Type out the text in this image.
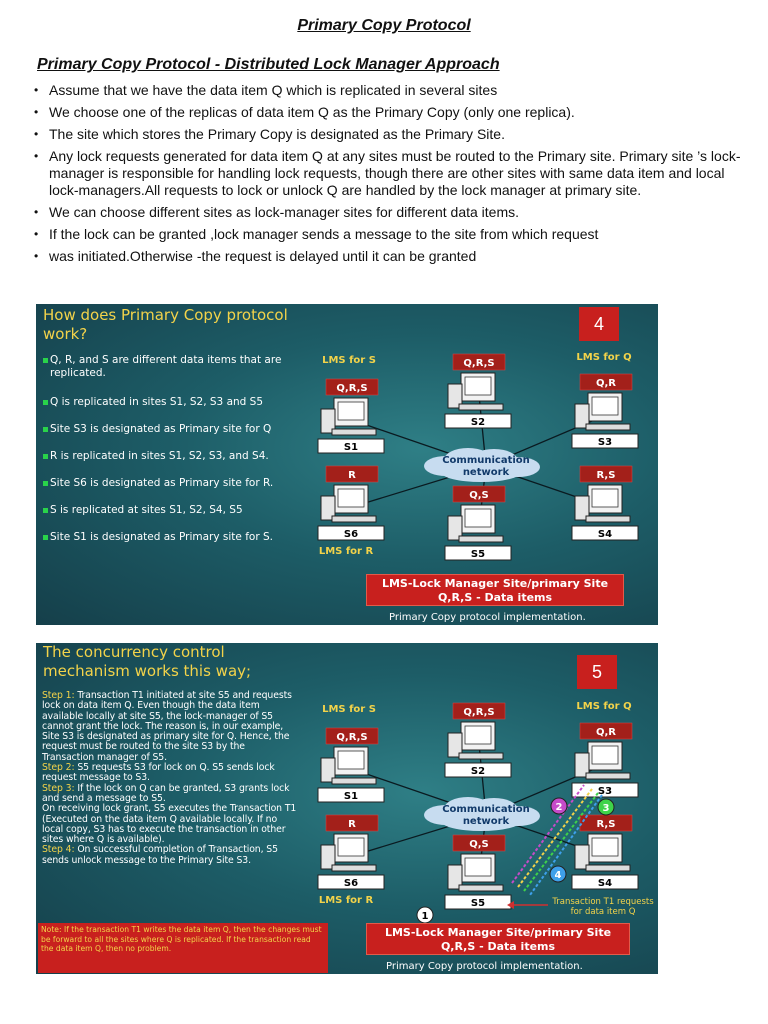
Primary Copy Protocol
Primary Copy Protocol - Distributed Lock Manager Approach
• Assume that we have the data item Q which is replicated in several sites
• We choose one of the replicas of data item Q as the Primary Copy (only one replica).
• The site which stores the Primary Copy is designated as the Primary Site.
• Any lock requests generated for data item Q at any sites must be routed to the Primary site. Primary site ’s lock-manager is responsible for handling lock requests, though there are other sites with same data item and local lock-managers.All requests to lock or unlock Q are handled by the lock manager at primary site.
• We can choose different sites as lock-manager sites for different data items.
• If the lock can be granted ,lock manager sends a message to the site from which request
• was initiated.Otherwise -the request is delayed until it can be granted
Communication
network
Q,R,S
S1
Q,R,S
S2
Q,R
S3
R,S
S4
Q,S
S5
R
S6
LMS for S	LMS for Q
LMS for R
How does Primary Copy protocol
work?
4
Q, R, and S are different data items that are replicated.
Q is replicated in sites S1, S2, S3 and S5
Site S3 is designated as Primary site for Q
R is replicated in sites S1, S2, S3, and S4.
Site S6 is designated as Primary site for R.
S is replicated at sites S1, S2, S4, S5
Site S1 is designated as Primary site for S.
LMS-Lock Manager Site/primary Site
Q,R,S - Data items
Primary Copy protocol implementation.
Communication
network
Q,R,S
S1
Q,R,S
S2
Q,R
S3
R,S
S4
Q,S
S5
R
S6
LMS for S	LMS for Q
LMS for R
1
2	3
4
The concurrency control
mechanism works this way;	5
Step 1: Transaction T1 initiated at site S5 and requests lock on data item Q. Even though the data item available locally at site S5, the lock-manager of S5 cannot grant the lock. The reason is, in our example, Site S3 is designated as primary site for Q. Hence, the request must be routed to the site S3 by the Transaction manager of S5.
Step 2: S5 requests S3 for lock on Q. S5 sends lock request message to S3.
Step 3: If the lock on Q can be granted, S3 grants lock and send a message to S5.
On receiving lock grant, S5 executes the Transaction T1 (Executed on the data item Q available locally. If no local copy, S3 has to execute the transaction in other sites where Q is available).
Step 4: On successful completion of Transaction, S5 sends unlock message to the Primary Site S3.
Note: If the transaction T1 writes the data item Q, then the changes must be forward to all the sites where Q is replicated. If the transaction read the data item Q, then no problem.
LMS-Lock Manager Site/primary Site
Q,R,S - Data items
Primary Copy protocol implementation.
Transaction T1 requests for data item Q
